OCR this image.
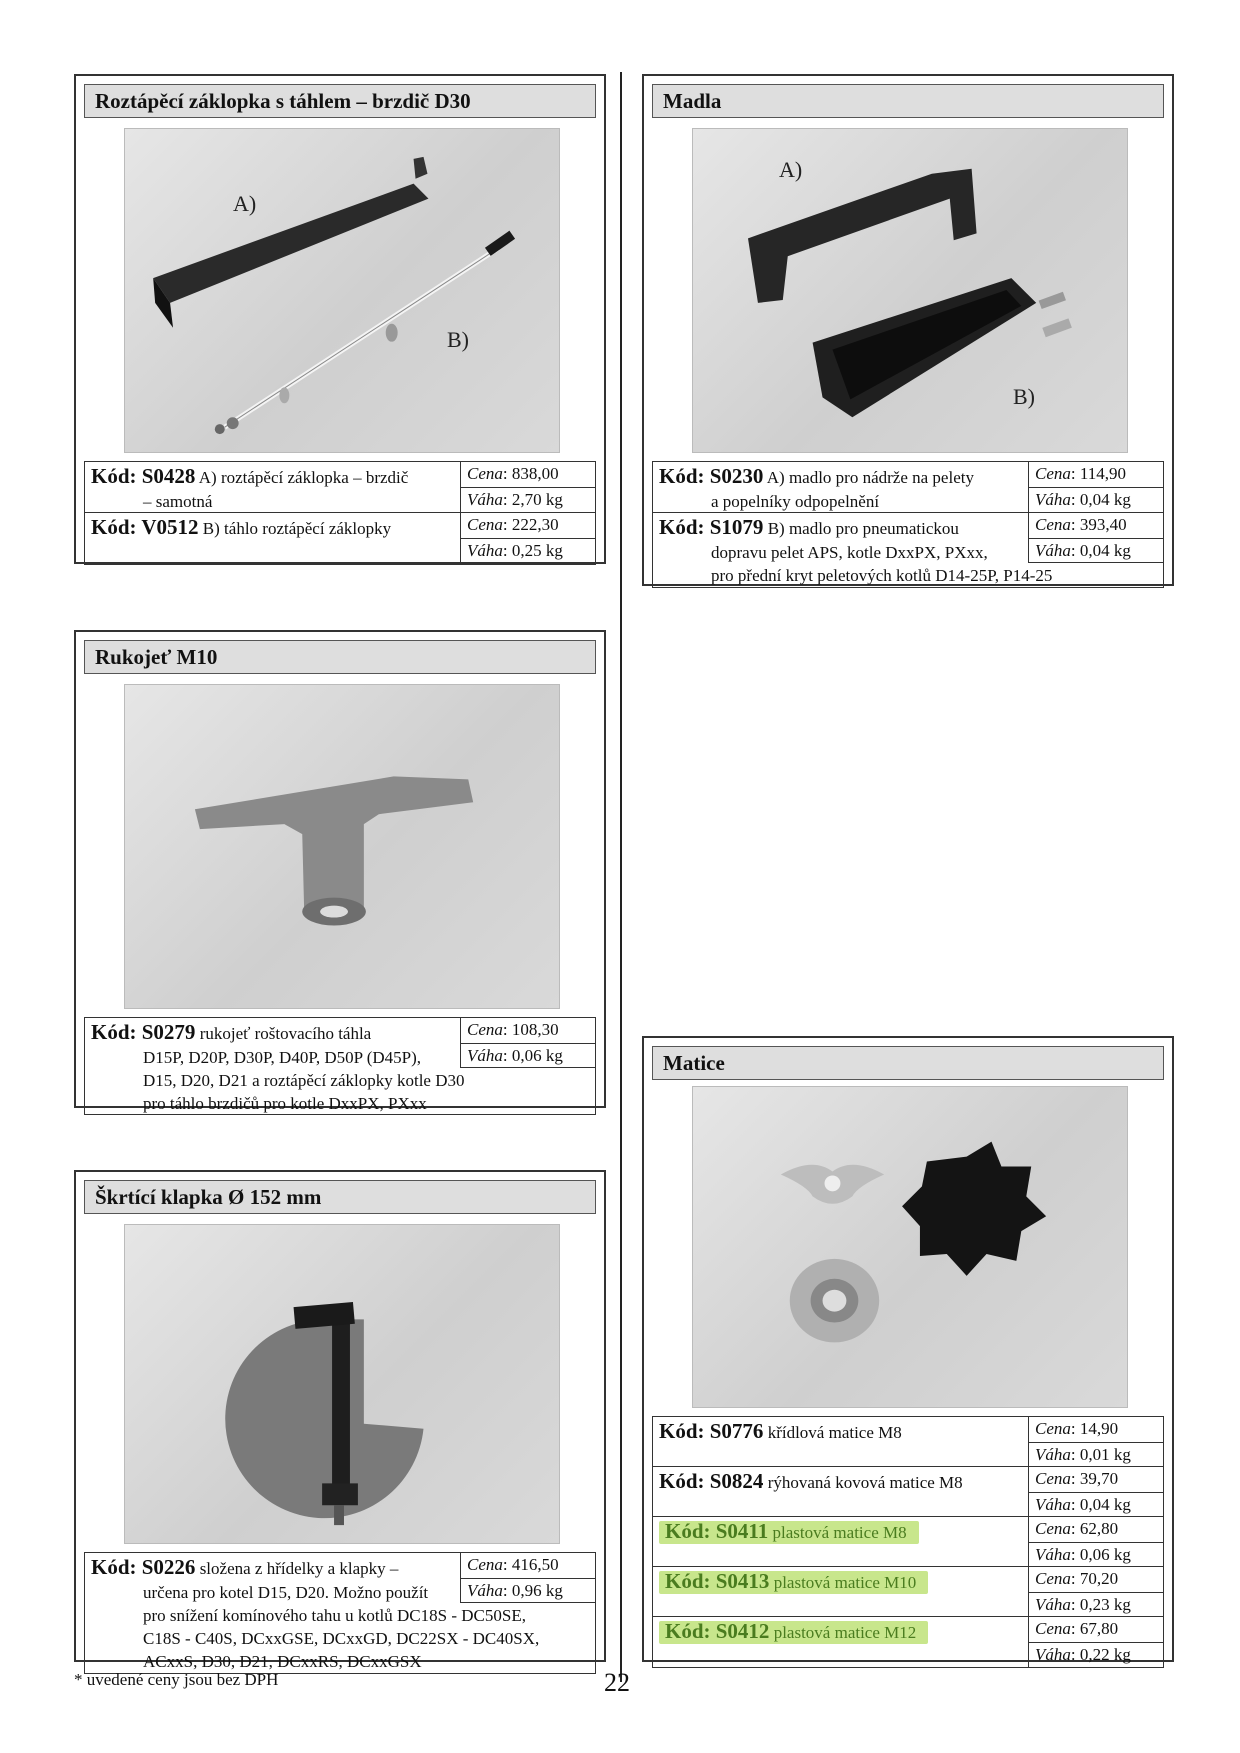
Roztápěcí záklopka s táhlem – brzdič D30
A)
B)
Kód: S0428 A) roztápěcí záklopka – brzdič
– samotná
Cena: 838,00
Váha: 2,70 kg
Kód: V0512 B) táhlo roztápěcí záklopky	Cena: 222,30
Váha: 0,25 kg
Madla
A)
B)
Kód: S0230 A) madlo pro nádrže na pelety
a popelníky odpopelnění
Cena: 114,90
Váha: 0,04 kg
Kód: S1079 B) madlo pro pneumatickou
dopravu pelet APS, kotle DxxPX, PXxx,
pro přední kryt peletových kotlů D14-25P, P14-25
Cena: 393,40
Váha: 0,04 kg
Rukojeť M10
Kód: S0279 rukojeť roštovacího táhla
D15P, D20P, D30P, D40P, D50P (D45P),
D15, D20, D21 a roztápěcí záklopky kotle D30
pro táhlo brzdičů pro kotle DxxPX, PXxx
Cena: 108,30
Váha: 0,06 kg
Škrtící klapka Ø 152 mm
Kód: S0226 složena z hřídelky a klapky –
určena pro kotel D15, D20. Možno použít
pro snížení komínového tahu u kotlů DC18S - DC50SE,
C18S - C40S, DCxxGSE, DCxxGD, DC22SX - DC40SX,
ACxxS, D30, D21, DCxxRS, DCxxGSX
Cena: 416,50
Váha: 0,96 kg
Matice
Kód: S0776 křídlová matice M8	Cena: 14,90
Váha: 0,01 kg
Kód: S0824 rýhovaná kovová matice M8	Cena: 39,70
Váha: 0,04 kg
Kód: S0411 plastová matice M8	Cena: 62,80
Váha: 0,06 kg
Kód: S0413 plastová matice M10	Cena: 70,20
Váha: 0,23 kg
Kód: S0412 plastová matice M12	Cena: 67,80
Váha: 0,22 kg
* uvedené ceny jsou bez DPH	22
